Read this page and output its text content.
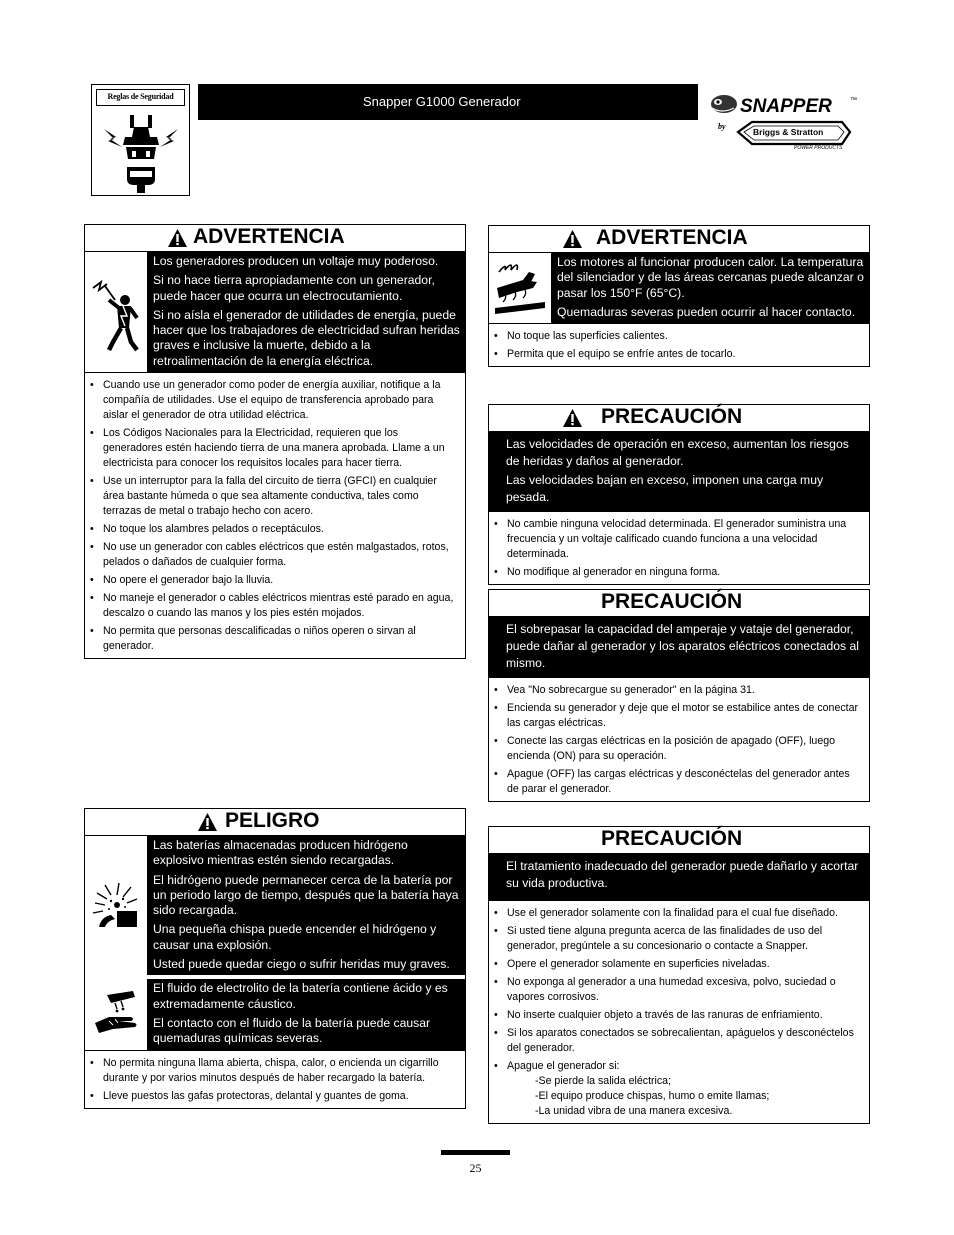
Reglas de Seguridad	Snapper G1000 Generador	SNAPPER	™
by
Briggs & Stratton
POWER PRODUCTS
ADVERTENCIA

Los generadores producen un voltaje muy poderoso.

Si no hace tierra apropiadamente con un generador, puede hacer que ocurra un electrocutamiento.

Si no aísla el generador de utilidades de energía, puede hacer que los trabajadores de electricidad sufran heridas graves e inclusive la muerte, debido a la retroalimentación de la energía eléctrica.

• Cuando use un generador como poder de energía auxiliar, notifique a la compañía de utilidades. Use el equipo de transferencia aprobado para aislar el generador de otra utilidad eléctrica.
• Los Códigos Nacionales para la Electricidad, requieren que los generadores estén haciendo tierra de una manera aprobada. Llame a un electricista para conocer los requisitos locales para hacer tierra.
• Use un interruptor para la falla del circuito de tierra (GFCI) en cualquier área bastante húmeda o que sea altamente conductiva, tales como terrazas de metal o trabajo hecho con acero.
• No toque los alambres pelados o receptáculos.
• No use un generador con cables eléctricos que estén malgastados, rotos, pelados o dañados de cualquier forma.
• No opere el generador bajo la lluvia.
• No maneje el generador o cables eléctricos mientras esté parado en agua, descalzo o cuando las manos y los pies estén mojados.
• No permita que personas descalificadas o niños operen o sirvan al generador.
ADVERTENCIA

Los motores al funcionar producen calor. La temperatura del silenciador y de las áreas cercanas puede alcanzar o pasar los 150°F (65°C).

Quemaduras severas pueden ocurrir al hacer contacto.

• No toque las superficies calientes.
• Permita que el equipo se enfríe antes de tocarlo.
PRECAUCIÓN

Las velocidades de operación en exceso, aumentan los riesgos de heridas y daños al generador.

Las velocidades bajan en exceso, imponen una carga muy pesada.

• No cambie ninguna velocidad determinada. El generador suministra una frecuencia y un voltaje calificado cuando funciona a una velocidad determinada.
• No modifique al generador en ninguna forma.
PRECAUCIÓN

El sobrepasar la capacidad del amperaje y vataje del generador, puede dañar al generador y los aparatos eléctricos conectados al mismo.

• Vea "No sobrecargue su generador" en la página 31.
• Encienda su generador y deje que el motor se estabilice antes de conectar las cargas eléctricas.
• Conecte las cargas eléctricas en la posición de apagado (OFF), luego encienda (ON) para su operación.
• Apague (OFF) las cargas eléctricas y desconéctelas del generador antes de parar el generador.
PELIGRO

Las baterías almacenadas producen hidrógeno explosivo mientras estén siendo recargadas.

El hidrógeno puede permanecer cerca de la batería por un periodo largo de tiempo, después que la batería haya sido recargada.

Una pequeña chispa puede encender el hidrógeno y causar una explosión.

Usted puede quedar ciego o sufrir heridas muy graves.

El fluido de electrolito de la batería contiene ácido y es extremadamente cáustico.

El contacto con el fluido de la batería puede causar quemaduras químicas severas.

• No permita ninguna llama abierta, chispa, calor, o encienda un cigarrillo durante y por varios minutos después de haber recargado la batería.
• Lleve puestos las gafas protectoras, delantal y guantes de goma.
PRECAUCIÓN

El tratamiento inadecuado del generador puede dañarlo y acortar su vida productiva.

• Use el generador solamente con la finalidad para el cual fue diseñado.
• Si usted tiene alguna pregunta acerca de las finalidades de uso del generador, pregúntele a su concesionario o contacte a Snapper.
• Opere el generador solamente en superficies niveladas.
• No exponga al generador a una humedad excesiva, polvo, suciedad o vapores corrosivos.
• No inserte cualquier objeto a través de las ranuras de enfriamiento.
• Si los aparatos conectados se sobrecalientan, apáguelos y desconéctelos del generador.
• Apague el generador si:
-Se pierde la salida eléctrica;
-El equipo produce chispas, humo o emite llamas;
-La unidad vibra de una manera excesiva.
25
